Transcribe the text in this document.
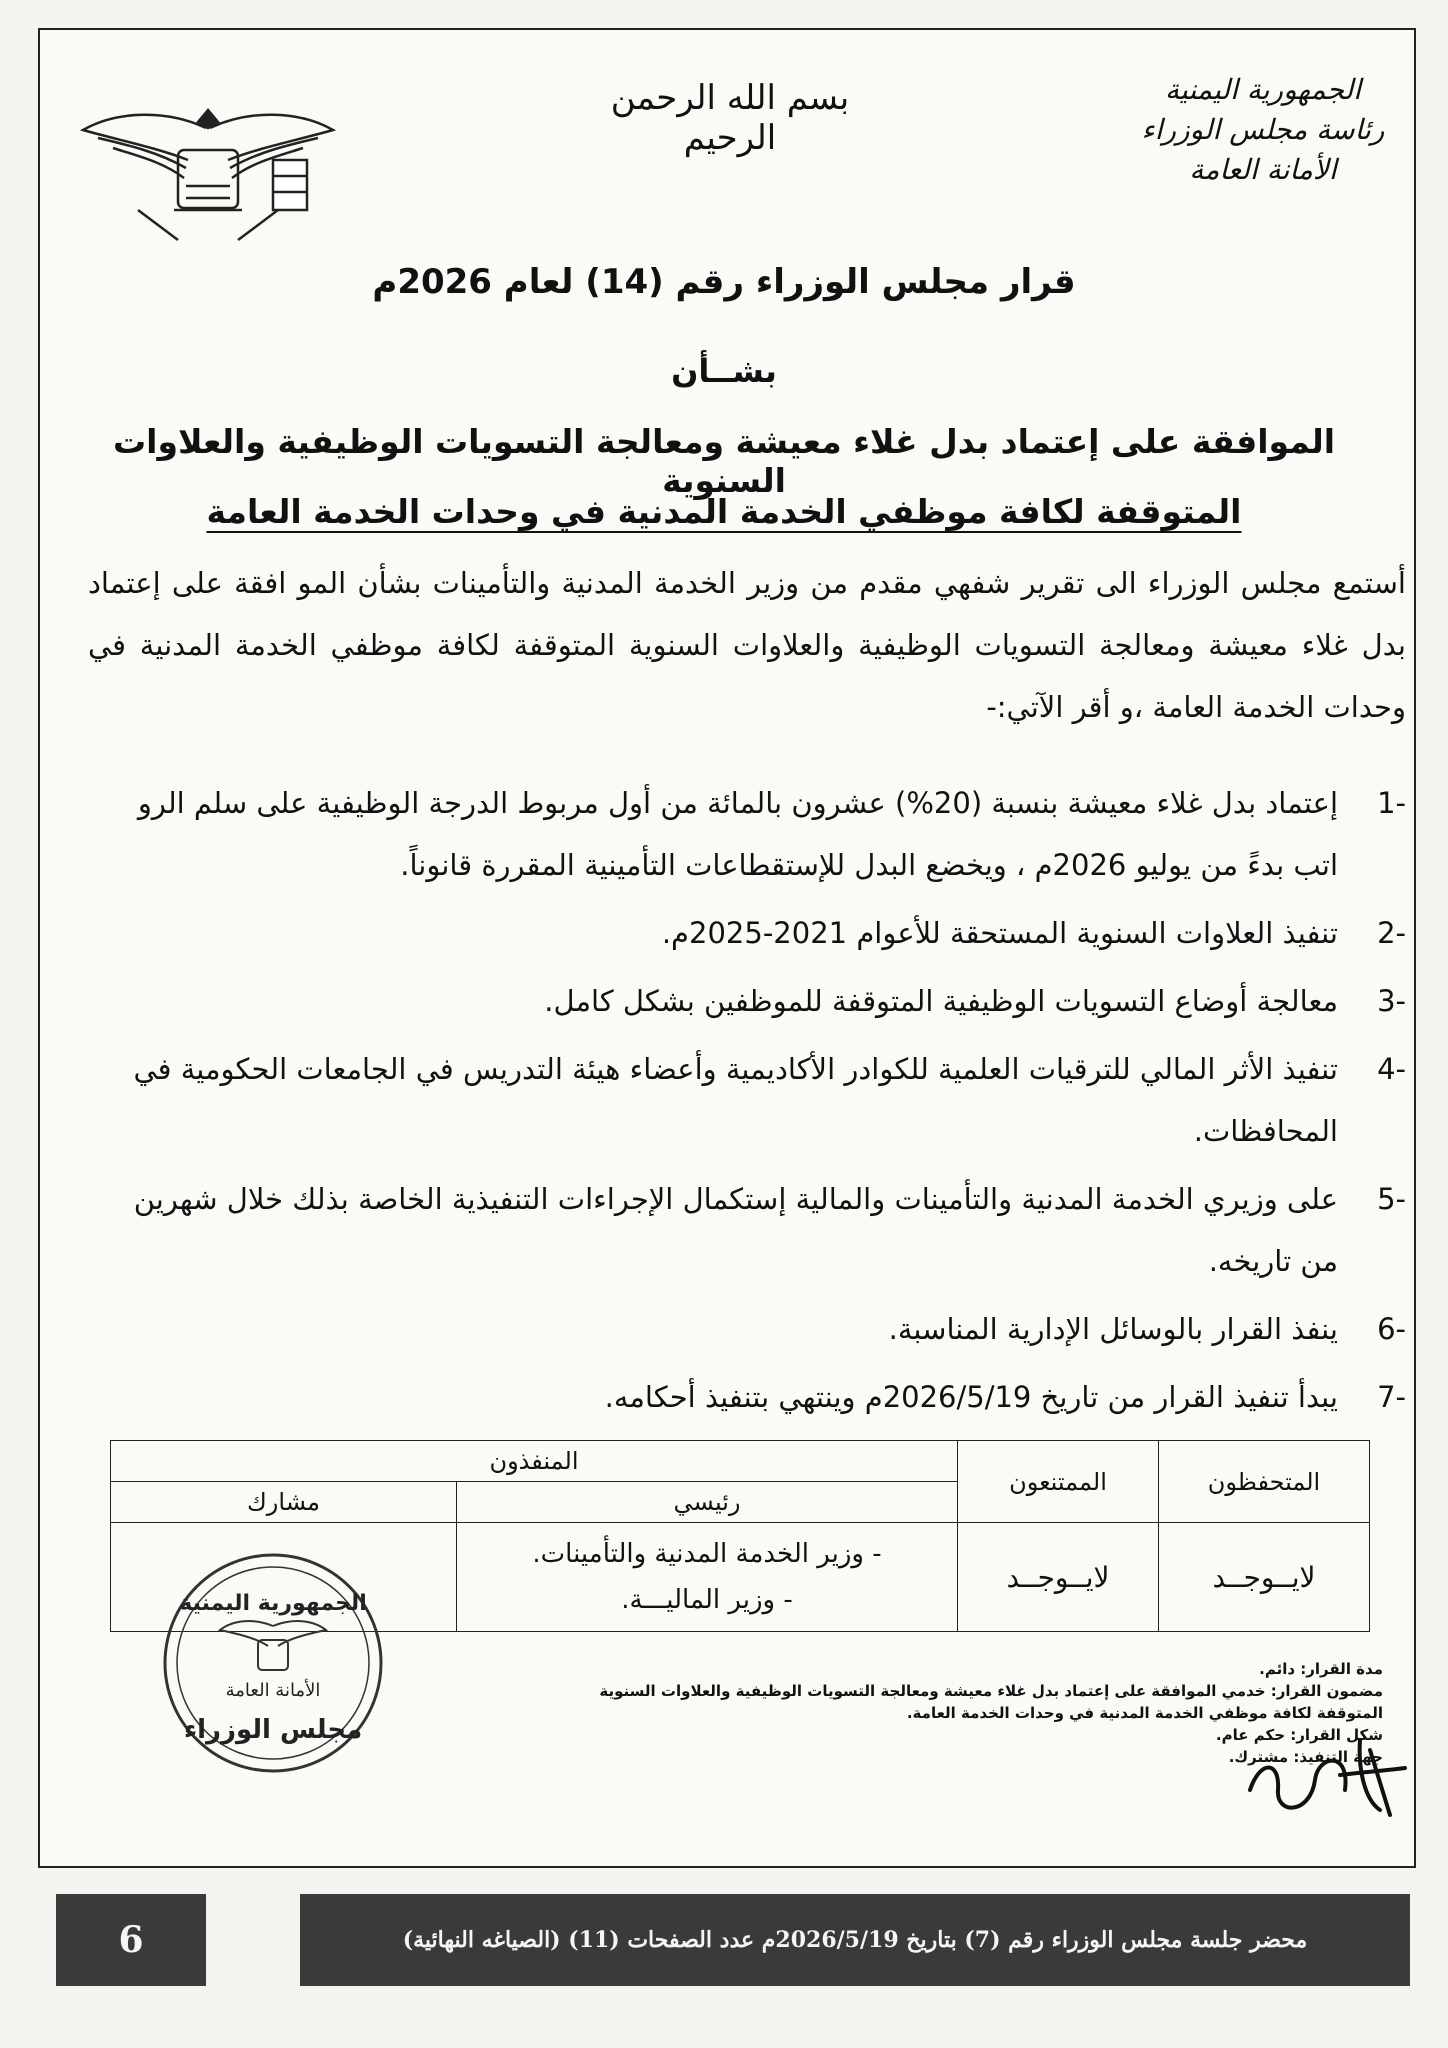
الجمهورية اليمنية
رئاسة مجلس الوزراء
الأمانة العامة
بسم الله الرحمن الرحيم
قرار مجلس الوزراء رقم (14) لعام 2026م
بشــأن
الموافقة على إعتماد بدل غلاء معيشة ومعالجة التسويات الوظيفية والعلاوات السنوية
المتوقفة لكافة موظفي الخدمة المدنية في وحدات الخدمة العامة
أستمع مجلس الوزراء الى تقرير شفهي مقدم من وزير الخدمة المدنية والتأمينات بشأن المو افقة على إعتماد بدل غلاء معيشة ومعالجة التسويات الوظيفية والعلاوات السنوية المتوقفة لكافة موظفي الخدمة المدنية في وحدات الخدمة العامة ،و أقر الآتي:-
-1
إعتماد بدل غلاء معيشة بنسبة (20%) عشرون بالمائة من أول مربوط الدرجة الوظيفية على سلم الرو اتب بدءً من يوليو 2026م ، ويخضع البدل للإستقطاعات التأمينية المقررة قانوناً.
-2
تنفيذ العلاوات السنوية المستحقة للأعوام 2021-2025م.
-3
معالجة أوضاع التسويات الوظيفية المتوقفة للموظفين بشكل كامل.
-4
تنفيذ الأثر المالي للترقيات العلمية للكوادر الأكاديمية وأعضاء هيئة التدريس في الجامعات الحكومية في المحافظات.
-5
على وزيري الخدمة المدنية والتأمينات والمالية إستكمال الإجراءات التنفيذية الخاصة بذلك خلال شهرين من تاريخه.
-6
ينفذ القرار بالوسائل الإدارية المناسبة.
-7
يبدأ تنفيذ القرار من تاريخ 2026/5/19م وينتهي بتنفيذ أحكامه.
المتحفظون	الممتنعون	المنفذون	
		رئيسي	مشارك
لايــوجــد	لايــوجــد	- وزير الخدمة المدنية والتأمينات.
- وزير الماليـــة.	

مدة القرار: دائم.
مضمون القرار: خدمي الموافقة على إعتماد بدل غلاء معيشة ومعالجة التسويات الوظيفية والعلاوات السنوية المتوقفة لكافة موظفي الخدمة المدنية في وحدات الخدمة العامة.
شكل القرار: حكم عام.
جهة التنفيذ: مشترك.
الجمهورية اليمنية
الأمانة العامة
مجلس الوزراء
محضر جلسة مجلس الوزراء رقم (7) بتاريخ 2026/5/19م عدد الصفحات (11) (الصياغه النهائية)
6
